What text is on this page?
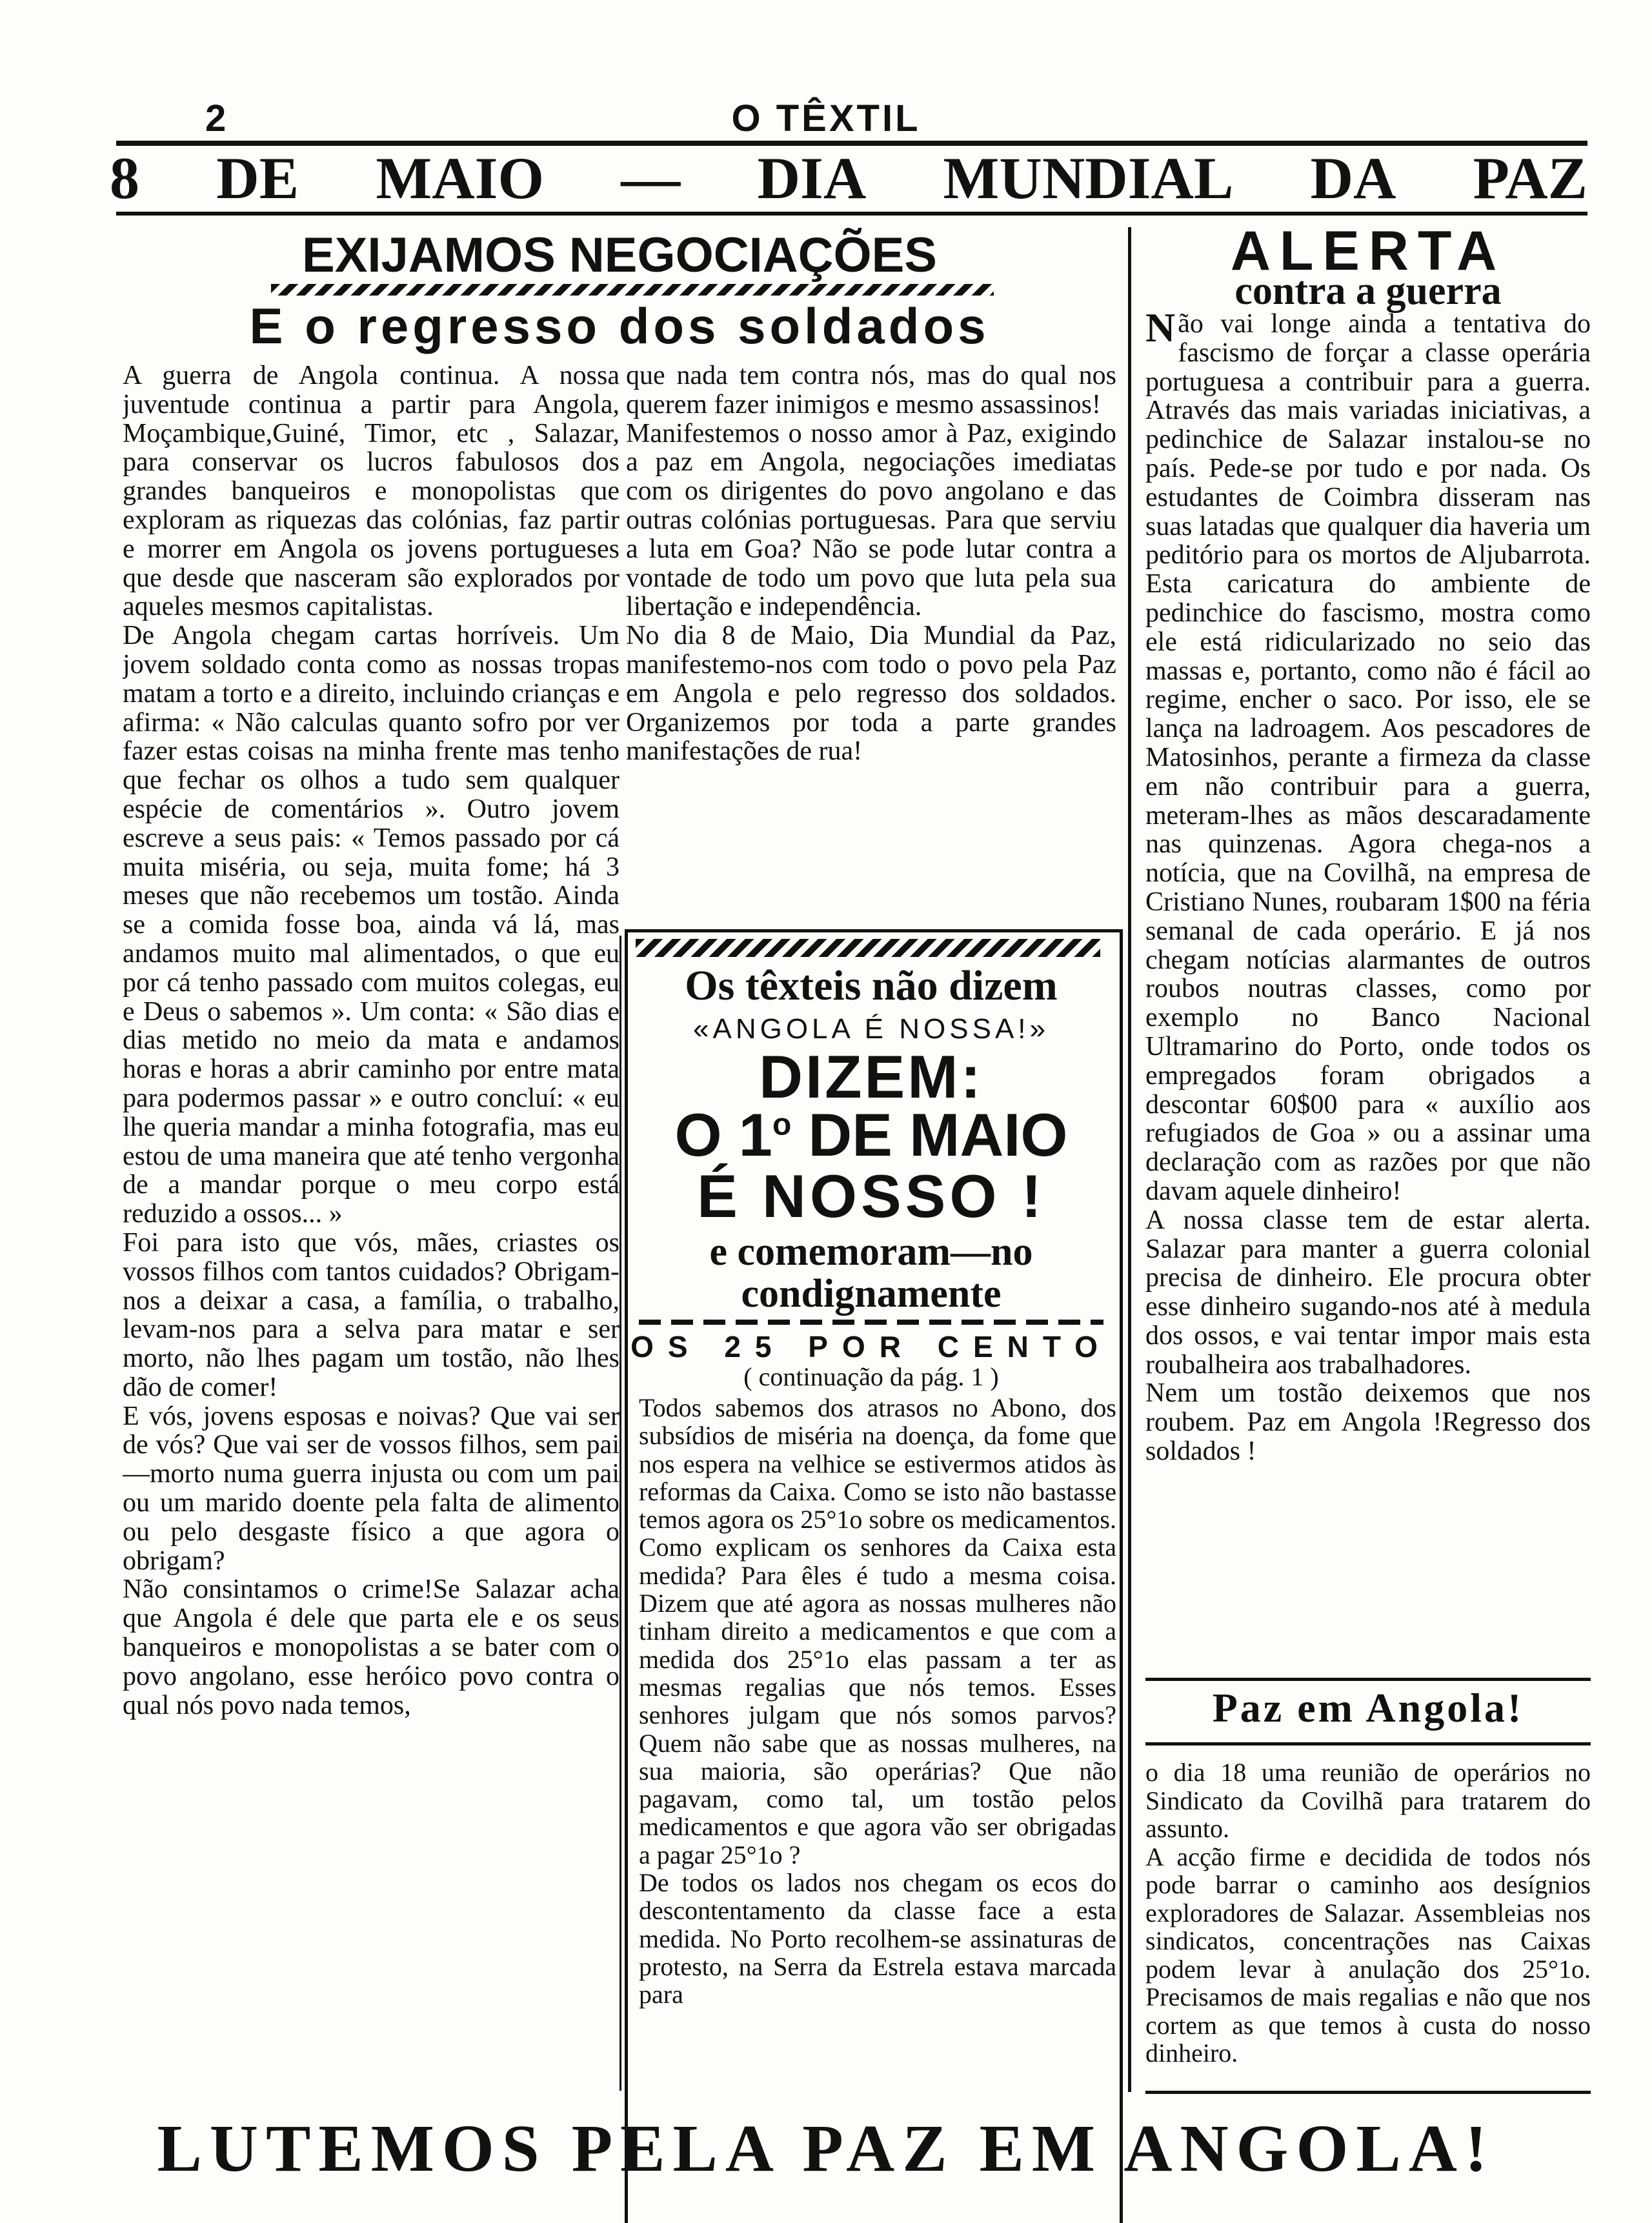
2	O TÊXTIL
8 DE MAIO — DIA MUNDIAL DA PAZ
EXIJAMOS NEGOCIAÇÕES
E o regresso dos soldados
A guerra de Angola continua. A nossa juventude continua a partir para Angola, Moçambique,Guiné, Timor, etc , Salazar, para conservar os lucros fabulosos dos grandes banqueiros e monopolistas que exploram as riquezas das colónias, faz partir e morrer em Angola os jovens portugueses que desde que nasceram são explorados por aqueles mesmos capitalistas.
De Angola chegam cartas horríveis. Um jovem soldado conta como as nossas tropas matam a torto e a direito, incluindo crianças e afirma: « Não calculas quanto sofro por ver fazer estas coisas na minha frente mas tenho que fechar os olhos a tudo sem qualquer espécie de comentários ». Outro jovem escreve a seus pais: « Temos passado por cá muita miséria, ou seja, muita fome; há 3 meses que não recebemos um tostão. Ainda se a comida fosse boa, ainda vá lá, mas andamos muito mal alimentados, o que eu por cá tenho passado com muitos colegas, eu e Deus o sabemos ». Um conta: « São dias e dias metido no meio da mata e andamos horas e horas a abrir caminho por entre mata para podermos passar » e outro concluí: « eu lhe queria mandar a minha fotografia, mas eu estou de uma maneira que até tenho vergonha de a mandar porque o meu corpo está reduzido a ossos... »
Foi para isto que vós, mães, criastes os vossos filhos com tantos cuidados? Obrigam-nos a deixar a casa, a família, o trabalho, levam-nos para a selva para matar e ser morto, não lhes pagam um tostão, não lhes dão de comer!
E vós, jovens esposas e noivas? Que vai ser de vós? Que vai ser de vossos filhos, sem pai—morto numa guerra injusta ou com um pai ou um marido doente pela falta de alimento ou pelo desgaste físico a que agora o obrigam?
Não consintamos o crime!Se Salazar acha que Angola é dele que parta ele e os seus banqueiros e monopolistas a se bater com o povo angolano, esse heróico povo contra o qual nós povo nada temos,
que nada tem contra nós, mas do qual nos querem fazer inimigos e mesmo assassinos!
Manifestemos o nosso amor à Paz, exigindo a paz em Angola, negociações imediatas com os dirigentes do povo angolano e das outras colónias portuguesas. Para que serviu a luta em Goa? Não se pode lutar contra a vontade de todo um povo que luta pela sua libertação e independência.
No dia 8 de Maio, Dia Mundial da Paz, manifestemo-nos com todo o povo pela Paz em Angola e pelo regresso dos soldados. Organizemos por toda a parte grandes manifestações de rua!
Os têxteis não dizem
«ANGOLA É NOSSA!»
DIZEM:
O 1$^o$ DE MAIO
É NOSSO !
e comemoram—no
condignamente
OS 25 POR CENTO
( continuação da pág. 1 )
Todos sabemos dos atrasos no Abono, dos subsídios de miséria na doença, da fome que nos espera na velhice se estivermos atidos às reformas da Caixa. Como se isto não bastasse temos agora os 25°1o sobre os medicamentos. Como explicam os senhores da Caixa esta medida? Para êles é tudo a mesma coisa. Dizem que até agora as nossas mulheres não tinham direito a medicamentos e que com a medida dos 25°1o elas passam a ter as mesmas regalias que nós temos. Esses senhores julgam que nós somos parvos? Quem não sabe que as nossas mulheres, na sua maioria, são operárias? Que não pagavam, como tal, um tostão pelos medicamentos e que agora vão ser obrigadas a pagar 25°1o ?
De todos os lados nos chegam os ecos do descontentamento da classe face a esta medida. No Porto recolhem-se assinaturas de protesto, na Serra da Estrela estava marcada para
ALERTA
contra a guerra
Não vai longe ainda a tentativa do fascismo de forçar a classe operária portuguesa a contribuir para a guerra. Através das mais variadas iniciativas, a pedinchice de Salazar instalou-se no país. Pede-se por tudo e por nada. Os estudantes de Coimbra disseram nas suas latadas que qualquer dia haveria um peditório para os mortos de Aljubarrota. Esta caricatura do ambiente de pedinchice do fascismo, mostra como ele está ridicularizado no seio das massas e, portanto, como não é fácil ao regime, encher o saco. Por isso, ele se lança na ladroagem. Aos pescadores de Matosinhos, perante a firmeza da classe em não contribuir para a guerra, meteram-lhes as mãos descaradamente nas quinzenas. Agora chega-nos a notícia, que na Covilhã, na empresa de Cristiano Nunes, roubaram 1$00 na féria semanal de cada operário. E já nos chegam notícias alarmantes de outros roubos noutras classes, como por exemplo no Banco Nacional Ultramarino do Porto, onde todos os empregados foram obrigados a descontar 60$00 para « auxílio aos refugiados de Goa » ou a assinar uma declaração com as razões por que não davam aquele dinheiro!
A nossa classe tem de estar alerta. Salazar para manter a guerra colonial precisa de dinheiro. Ele procura obter esse dinheiro sugando-nos até à medula dos ossos, e vai tentar impor mais esta roubalheira aos trabalhadores.
Nem um tostão deixemos que nos roubem. Paz em Angola !Regresso dos soldados !
Paz em Angola!
o dia 18 uma reunião de operários no Sindicato da Covilhã para tratarem do assunto.
A acção firme e decidida de todos nós pode barrar o caminho aos desígnios exploradores de Salazar. Assembleias nos sindicatos, concentrações nas Caixas podem levar à anulação dos 25°1o. Precisamos de mais regalias e não que nos cortem as que temos à custa do nosso dinheiro.
LUTEMOS PELA PAZ EM ANGOLA!
